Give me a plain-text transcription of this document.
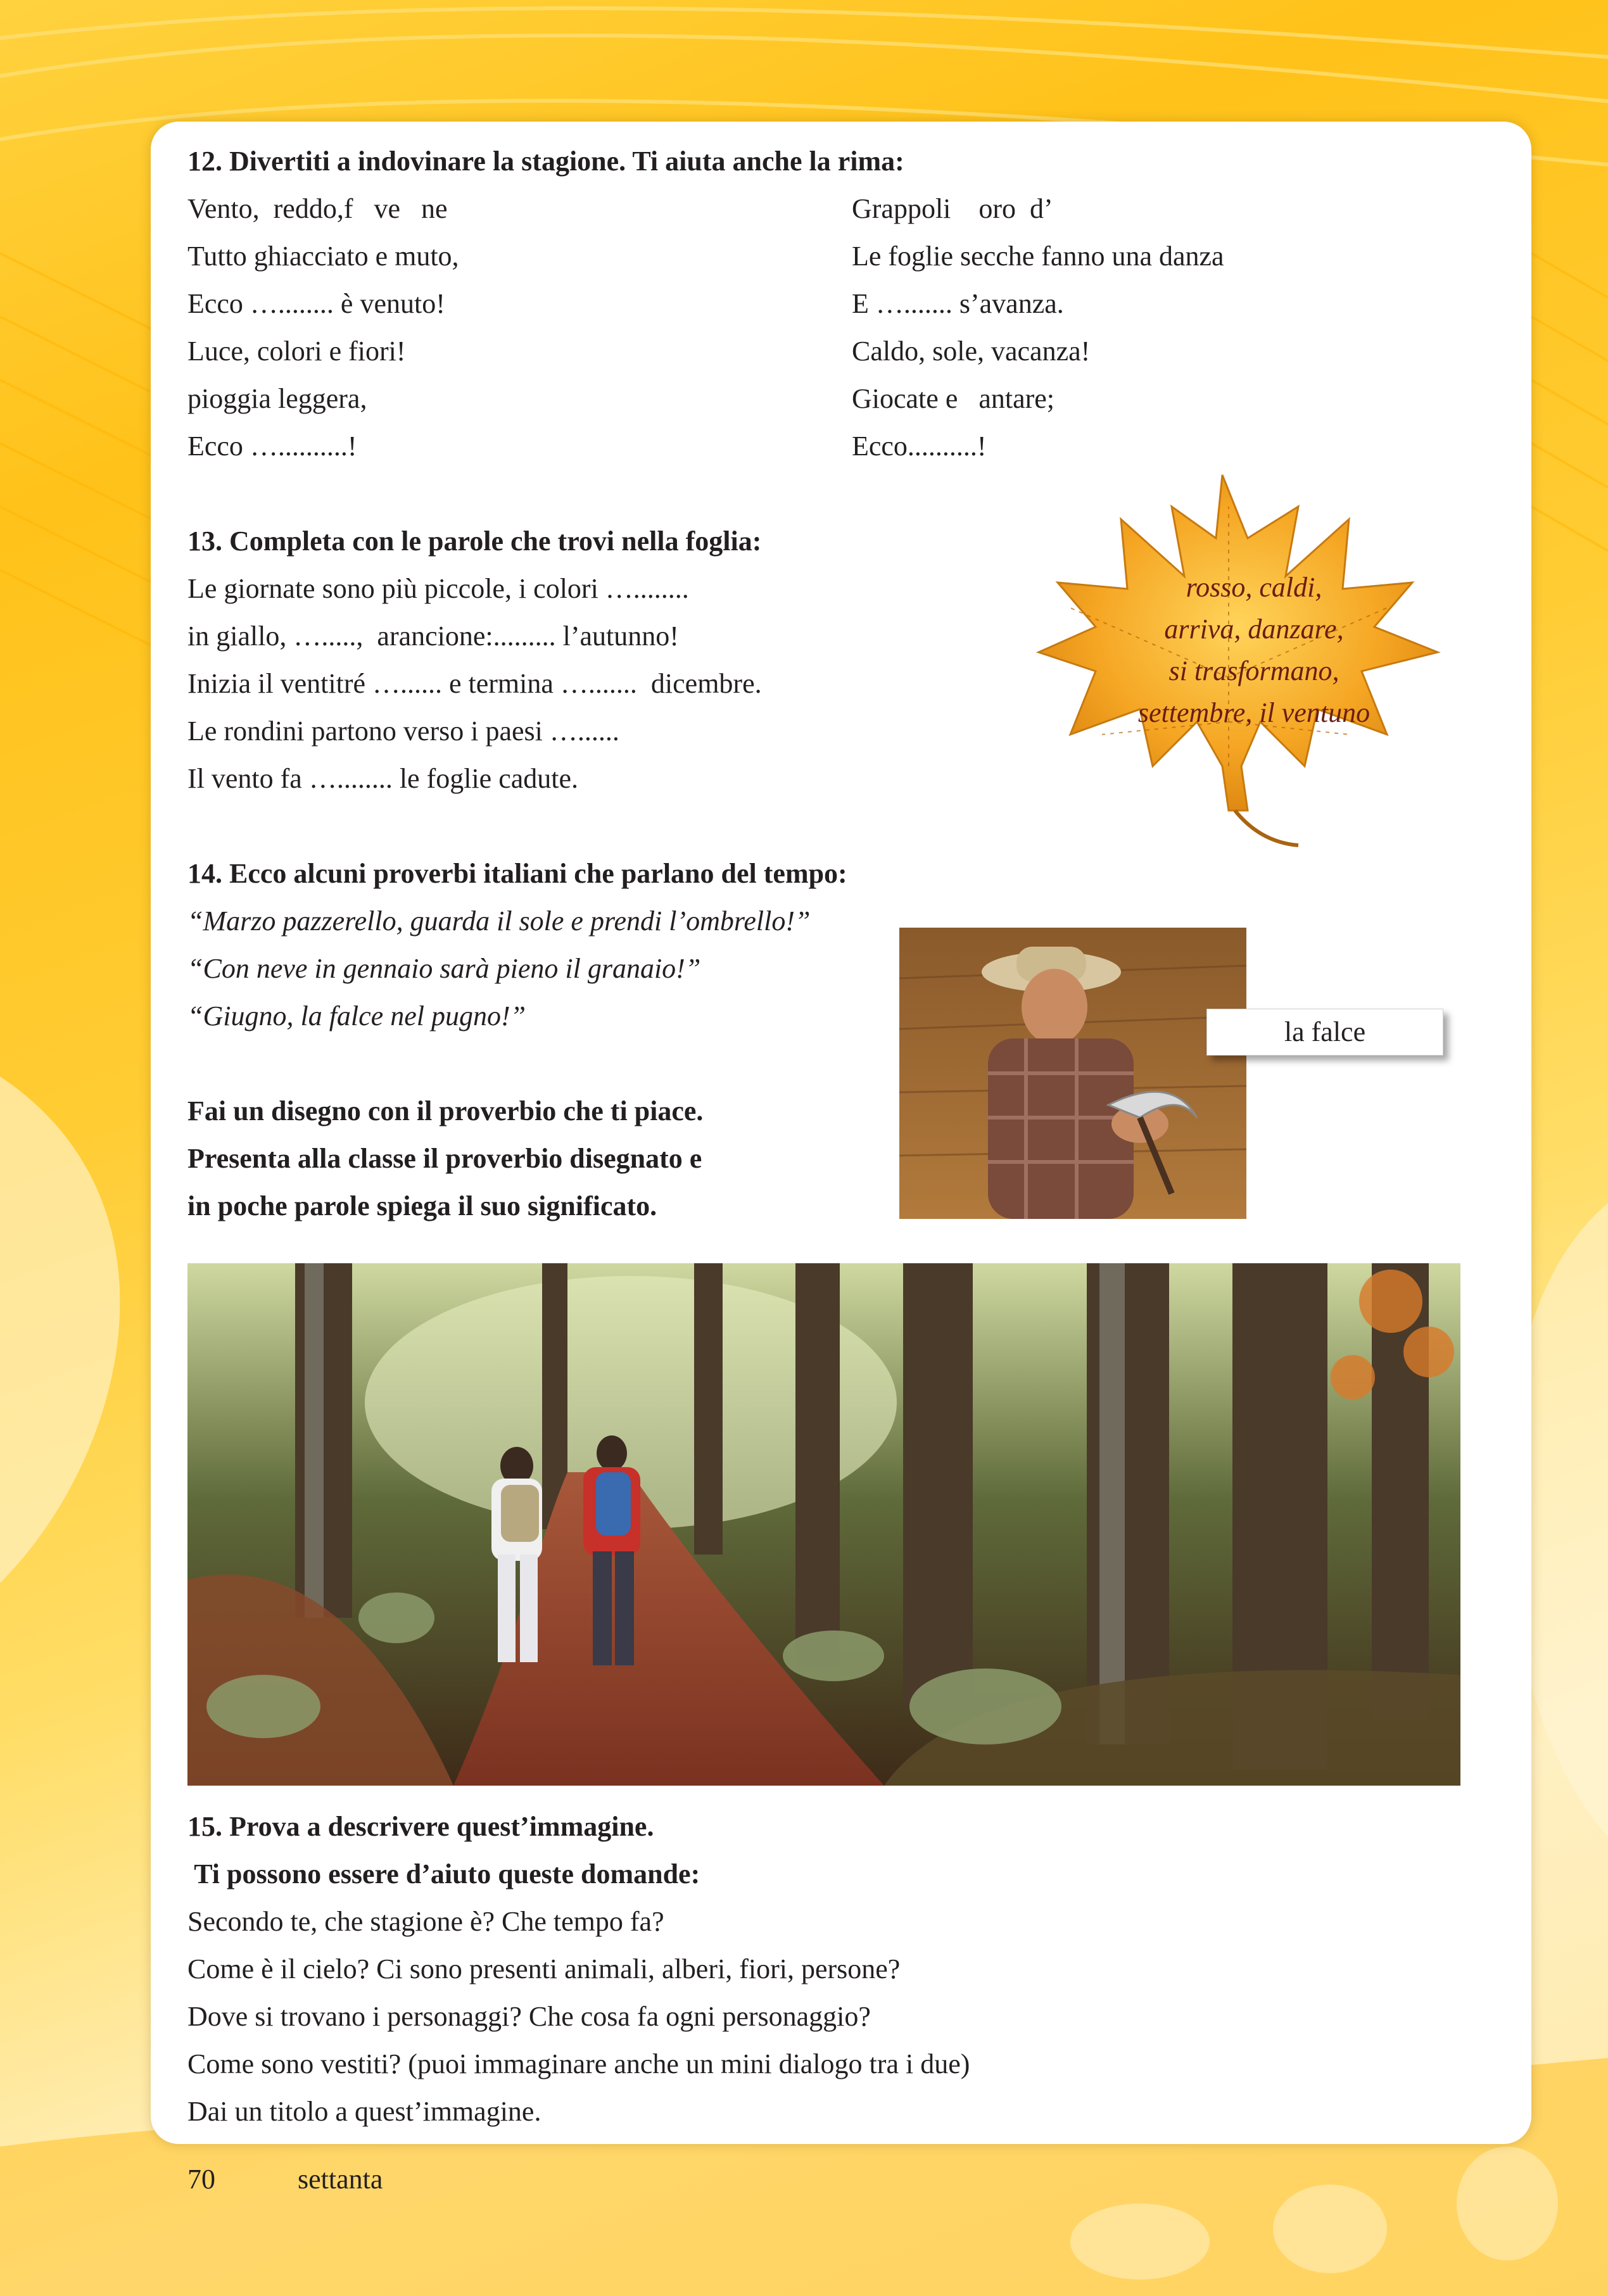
12. Divertiti a indovinare la stagione. Ti aiuta anche la rima:
Vento,  reddo,f   ve   ne
Tutto ghiacciato e muto,
Ecco …........ è venuto!
Luce, colori e fiori!
pioggia leggera,
Ecco …..........!
Grappoli    oro  d’
Le foglie secche fanno una danza
E …....... s’avanza.
Caldo, sole, vacanza!
Giocate e   antare;
Ecco..........!
13. Completa con le parole che trovi nella foglia:
Le giornate sono più piccole, i colori …........
in giallo, ….....,  arancione:......... l’autunno!
Inizia il ventitré …...... e termina ….......  dicembre.
Le rondini partono verso i paesi …......
Il vento fa …........ le foglie cadute.
rosso, caldi,
arriva, danzare,
si trasformano,
settembre, il ventuno
14. Ecco alcuni proverbi italiani che parlano del tempo:
“Marzo pazzerello, guarda il sole e prendi l’ombrello!”
“Con neve in gennaio sarà pieno il granaio!”
“Giugno, la falce nel pugno!”
Fai un disegno con il proverbio che ti piace.
Presenta alla classe il proverbio disegnato e
in poche parole spiega il suo significato.
la falce
15. Prova a descrivere quest’immagine.
Ti possono essere d’aiuto queste domande:
Secondo te, che stagione è? Che tempo fa?
Come è il cielo? Ci sono presenti animali, alberi, fiori, persone?
Dove si trovano i personaggi? Che cosa fa ogni personaggio?
Come sono vestiti? (puoi immaginare anche un mini dialogo tra i due)
Dai un titolo a quest’immagine.
70	settanta
